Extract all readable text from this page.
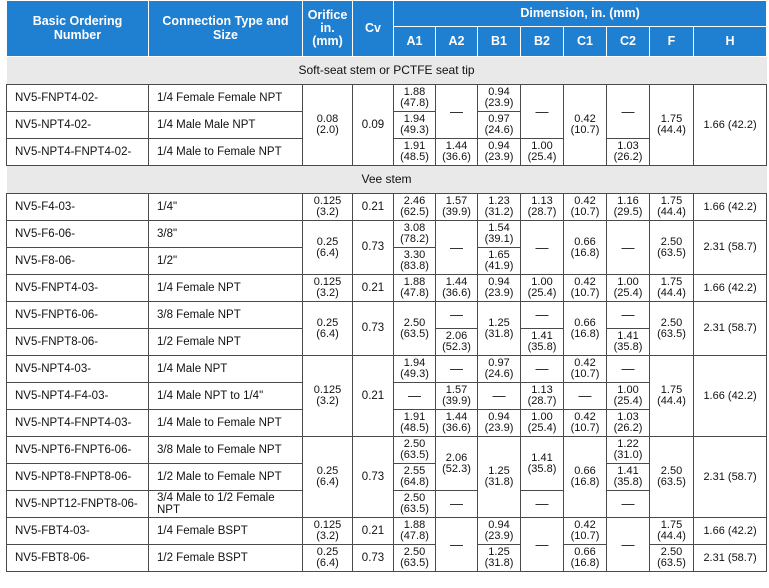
Basic Ordering Number	Connection Type and Size	Orifice in. (mm)	Cv	Dimension, in. (mm)							
				A1	A2	B1	B2	C1	C2	F	H
Soft-seat stem or PCTFE seat tip											
NV5-FNPT4-02-	1/4 Female Female NPT	0.08 (2.0)	0.09	1.88 (47.8)	—	0.94 (23.9)	—	0.42 (10.7)	—	1.75 (44.4)	1.66 (42.2)
NV5-NPT4-02-	1/4 Male Male NPT			1.94 (49.3)		0.97 (24.6)					
NV5-NPT4-FNPT4-02-	1/4 Male to Female NPT			1.91 (48.5)	1.44 (36.6)	0.94 (23.9)	1.00 (25.4)		1.03 (26.2)		
Vee stem											
NV5-F4-03-	1/4"	0.125 (3.2)	0.21	2.46 (62.5)	1.57 (39.9)	1.23 (31.2)	1.13 (28.7)	0.42 (10.7)	1.16 (29.5)	1.75 (44.4)	1.66 (42.2)
NV5-F6-06-	3/8"	0.25 (6.4)	0.73	3.08 (78.2)	—	1.54 (39.1)	—	0.66 (16.8)	—	2.50 (63.5)	2.31 (58.7)
NV5-F8-06-	1/2"			3.30 (83.8)		1.65 (41.9)					
NV5-FNPT4-03-	1/4 Female NPT	0.125 (3.2)	0.21	1.88 (47.8)	1.44 (36.6)	0.94 (23.9)	1.00 (25.4)	0.42 (10.7)	1.00 (25.4)	1.75 (44.4)	1.66 (42.2)
NV5-FNPT6-06-	3/8 Female NPT	0.25 (6.4)	0.73	2.50 (63.5)	—	1.25 (31.8)	—	0.66 (16.8)	—	2.50 (63.5)	2.31 (58.7)
NV5-FNPT8-06-	1/2 Female NPT				2.06 (52.3)		1.41 (35.8)		1.41 (35.8)		
NV5-NPT4-03-	1/4 Male NPT	0.125 (3.2)	0.21	1.94 (49.3)	—	0.97 (24.6)	—	0.42 (10.7)	—	1.75 (44.4)	1.66 (42.2)
NV5-NPT4-F4-03-	1/4 Male NPT to 1/4"			—	1.57 (39.9)	—	1.13 (28.7)	—	1.00 (25.4)		
NV5-NPT4-FNPT4-03-	1/4 Male to Female NPT			1.91 (48.5)	1.44 (36.6)	0.94 (23.9)	1.00 (25.4)	0.42 (10.7)	1.03 (26.2)		
NV5-NPT6-FNPT6-06-	3/8 Male to Female NPT	0.25 (6.4)	0.73	2.50 (63.5)	2.06 (52.3)	1.25 (31.8)	1.41 (35.8)	0.66 (16.8)	1.22 (31.0)	2.50 (63.5)	2.31 (58.7)
NV5-NPT8-FNPT8-06-	1/2 Male to Female NPT			2.55 (64.8)					1.41 (35.8)		
NV5-NPT12-FNPT8-06-	3/4 Male to 1/2 Female NPT			2.50 (63.5)	—		—		—		
NV5-FBT4-03-	1/4 Female BSPT	0.125 (3.2)	0.21	1.88 (47.8)	—	0.94 (23.9)	—	0.42 (10.7)	—	1.75 (44.4)	1.66 (42.2)
NV5-FBT8-06-	1/2 Female BSPT	0.25 (6.4)	0.73	2.50 (63.5)		1.25 (31.8)		0.66 (16.8)		2.50 (63.5)	2.31 (58.7)
